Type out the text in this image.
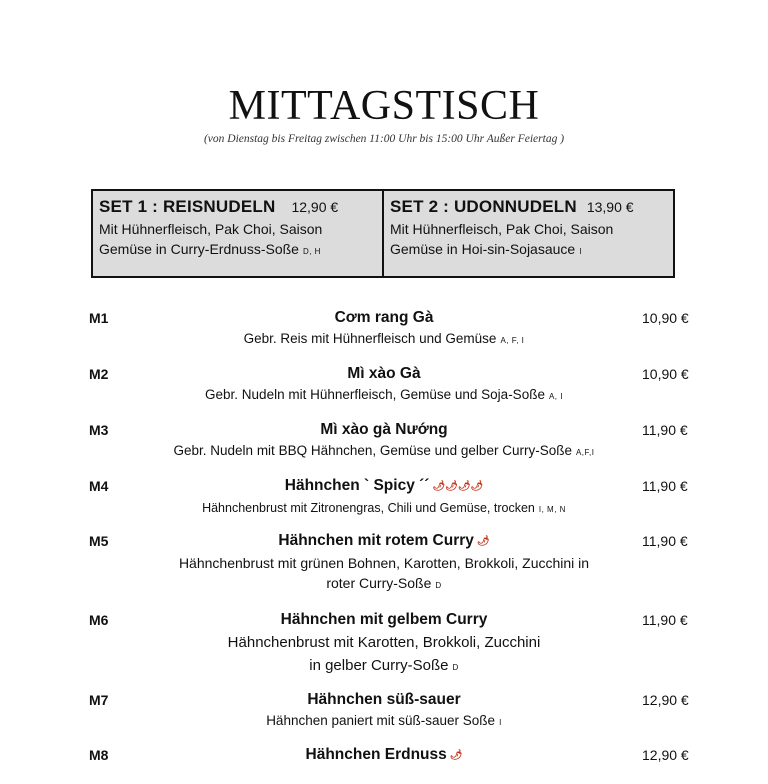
MITTAGSTISCH
(von Dienstag bis Freitag zwischen 11:00 Uhr bis 15:00 Uhr Außer Feiertag )
SET 1 : REISNUDELN 12,90 €
Mit Hühnerfleisch, Pak Choi, Saison
Gemüse in Curry-Erdnuss-Soße D, H
SET 2 : UDONNUDELN 13,90 €
Mit Hühnerfleisch, Pak Choi, Saison
Gemüse in Hoi-sin-Sojasauce I
M1	10,90 €
Cơm rang Gà
Gebr. Reis mit Hühnerfleisch und Gemüse A, F, I
M2	10,90 €
Mì xào Gà
Gebr. Nudeln mit Hühnerfleisch, Gemüse und Soja-Soße A, I
M3	11,90 €
Mì xào gà Nướng
Gebr. Nudeln mit BBQ Hähnchen, Gemüse und gelber Curry-Soße A,F,I
M4	11,90 €
Hähnchen ` Spicy ´´ 🌶🌶🌶🌶
Hähnchenbrust mit Zitronengras, Chili und Gemüse, trocken I, M, N
M5	11,90 €
Hähnchen mit rotem Curry 🌶
Hähnchenbrust mit grünen Bohnen, Karotten, Brokkoli, Zucchini in
roter Curry-Soße D
M6	11,90 €
Hähnchen mit gelbem Curry
Hähnchenbrust mit Karotten, Brokkoli, Zucchini
in gelber Curry-Soße D
M7	12,90 €
Hähnchen süß-sauer
Hähnchen paniert mit süß-sauer Soße I
M8	12,90 €
Hähnchen Erdnuss 🌶
